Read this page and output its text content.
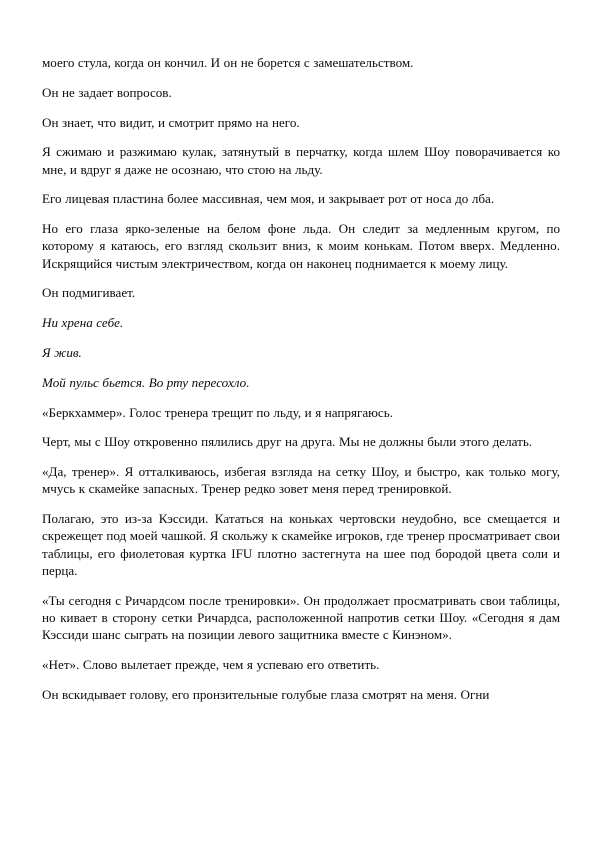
моего стула, когда он кончил. И он не борется с замешательством.

Он не задает вопросов.

Он знает, что видит, и смотрит прямо на него.

Я сжимаю и разжимаю кулак, затянутый в перчатку, когда шлем Шоу поворачивается ко мне, и вдруг я даже не осознаю, что стою на льду.

Его лицевая пластина более массивная, чем моя, и закрывает рот от носа до лба.

Но его глаза ярко-зеленые на белом фоне льда. Он следит за медленным кругом, по которому я катаюсь, его взгляд скользит вниз, к моим конькам. Потом вверх. Медленно. Искрящийся чистым электричеством, когда он наконец поднимается к моему лицу.

Он подмигивает.

Ни хрена себе.

Я жив.

Мой пульс бьется. Во рту пересохло.

«Беркхаммер». Голос тренера трещит по льду, и я напрягаюсь.

Черт, мы с Шоу откровенно пялились друг на друга. Мы не должны были этого делать.

«Да, тренер». Я отталкиваюсь, избегая взгляда на сетку Шоу, и быстро, как только могу, мчусь к скамейке запасных. Тренер редко зовет меня перед тренировкой.

Полагаю, это из-за Кэссиди. Кататься на коньках чертовски неудобно, все смещается и скрежещет под моей чашкой. Я скольжу к скамейке игроков, где тренер просматривает свои таблицы, его фиолетовая куртка IFU плотно застегнута на шее под бородой цвета соли и перца.

«Ты сегодня с Ричардсом после тренировки». Он продолжает просматривать свои таблицы, но кивает в сторону сетки Ричардса, расположенной напротив сетки Шоу. «Сегодня я дам Кэссиди шанс сыграть на позиции левого защитника вместе с Кинэном».

«Нет». Слово вылетает прежде, чем я успеваю его ответить.

Он вскидывает голову, его пронзительные голубые глаза смотрят на меня. Огни
